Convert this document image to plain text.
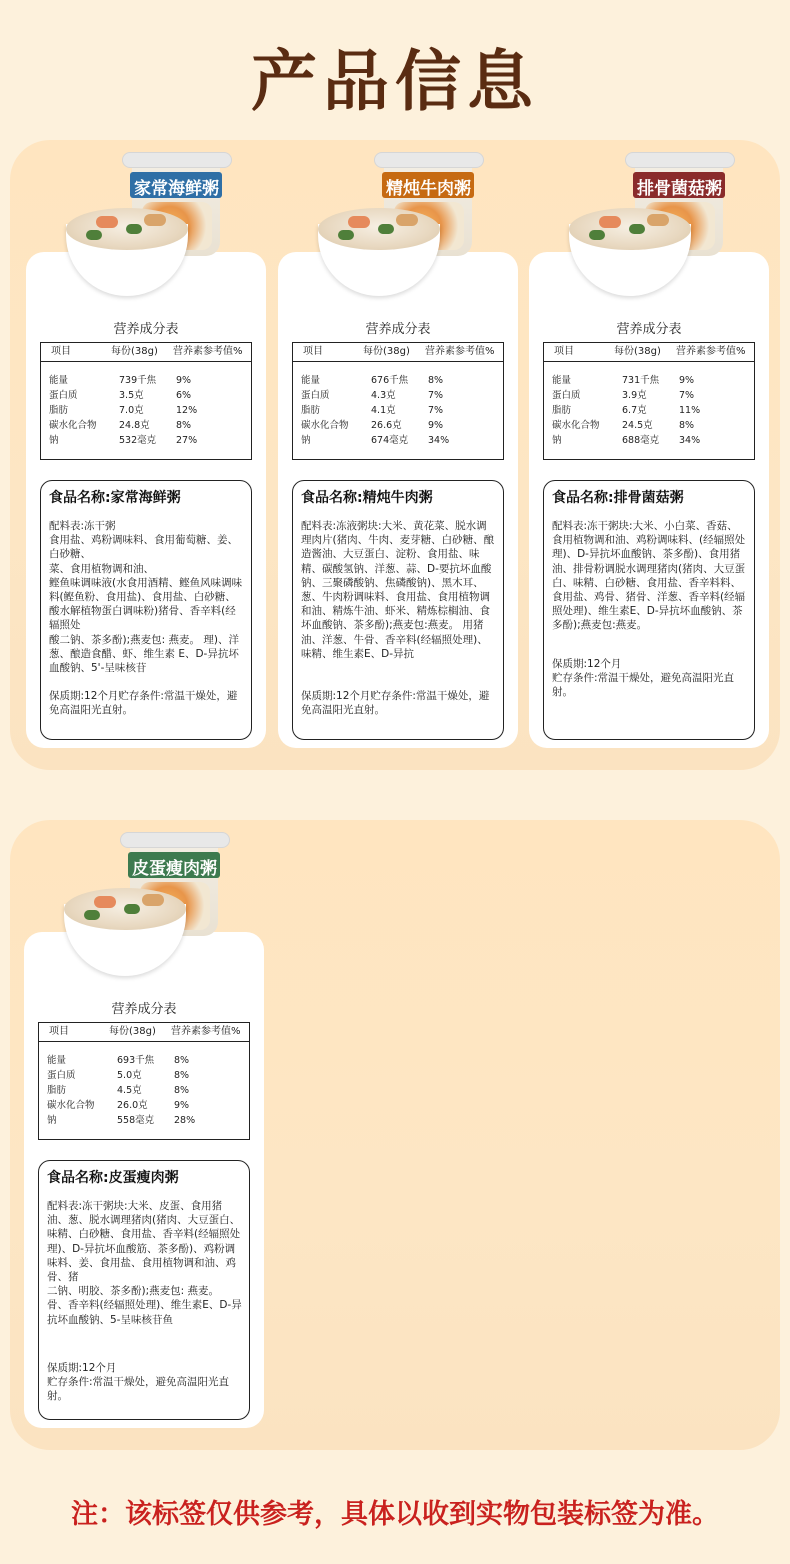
产品信息
家常海鲜粥
营养成分表
项目	每份(38g) 营养素参考值%
能量	739千焦 9%
蛋白质	3.5克	6%
脂肪	7.0克	12%
碳水化合物 24.8克	8%
钠	532毫克 27%
食品名称:家常海鲜粥
配料表:冻干粥
食用盐、鸡粉调味料、食用葡萄糖、姜、白砂糖、
菜、食用植物调和油、
鲣鱼味调味液(水食用酒精、鲣鱼风味调味料(鲣鱼粉、食用盐)、食用盐、白砂糖、酸水解植物蛋白调味粉)猪骨、香辛料(经辐照处
酸二钠、茶多酚);燕麦包: 燕麦。 理)、洋葱、酿造食醋、虾、维生素 E、D-异抗坏血酸钠、5'-呈味核苷
保质期:12个月贮存条件:常温干燥处，避免高温阳光直射。
精炖牛肉粥
营养成分表
项目	每份(38g) 营养素参考值%
能量	676千焦 8%
蛋白质	4.3克	7%
脂肪	4.1克	7%
碳水化合物 26.6克	9%
钠	674毫克 34%
食品名称:精炖牛肉粥
配料表:冻液粥块:大米、黄花菜、脱水调理肉片(猪肉、牛肉、麦芽糖、白砂糖、酿造酱油、大豆蛋白、淀粉、食用盐、味精、碳酸氢钠、洋葱、蒜、D-要抗坏血酸钠、三聚磷酸钠、焦磷酸钠)、黑木耳、葱、牛肉粉调味料、食用盐、食用植物调和油、精炼牛油、虾米、精炼棕榈油、食
坏血酸钠、茶多酚);燕麦包:燕麦。 用猪油、洋葱、牛骨、香辛料(经辐照处理)、味精、维生素E、D-异抗
保质期:12个月贮存条件:常温干燥处，避免高温阳光直射。
排骨菌菇粥
营养成分表
项目	每份(38g) 营养素参考值%
能量	731千焦 9%
蛋白质	3.9克	7%
脂肪	6.7克	11%
碳水化合物 24.5克	8%
钠	688毫克 34%
食品名称:排骨菌菇粥
配料表:冻干粥块:大米、小白菜、香菇、食用植物调和油、鸡粉调味料、(经辐照处理)、D-异抗坏血酸钠、茶多酚)、食用猪油、排骨粉调脱水调理猪肉(猪肉、大豆蛋白、味精、白砂糖、食用盐、香辛料料、食用盐、鸡骨、猪骨、洋葱、香辛料(经辐照处理)、维生素E、D-异抗坏血酸钠、茶多酚);燕麦包:燕麦。
保质期:12个月
贮存条件:常温干燥处，避免高温阳光直射。
皮蛋瘦肉粥
营养成分表
项目	每份(38g) 营养素参考值%
能量	693千焦 8%
蛋白质	5.0克	8%
脂肪	4.5克	8%
碳水化合物 26.0克	9%
钠	558毫克 28%
食品名称:皮蛋瘦肉粥
配料表:冻干粥块:大米、皮蛋、食用猪油、葱、脱水调理猪肉(猪肉、大豆蛋白、味精、白砂糖、食用盐、香辛料(经辐照处理)、D-异抗坏血酸筋、茶多酚)、鸡粉调味料、姜、食用盐、食用植物调和油、鸡骨、猪
二钠、明胶、茶多酚);燕麦包: 燕麦。
骨、香辛料(经辐照处理)、维生素E、D-异抗坏血酸钠、5-呈味核苷鱼
保质期:12个月
贮存条件:常温干燥处，避免高温阳光直射。
注：该标签仅供参考，具体以收到实物包装标签为准。
